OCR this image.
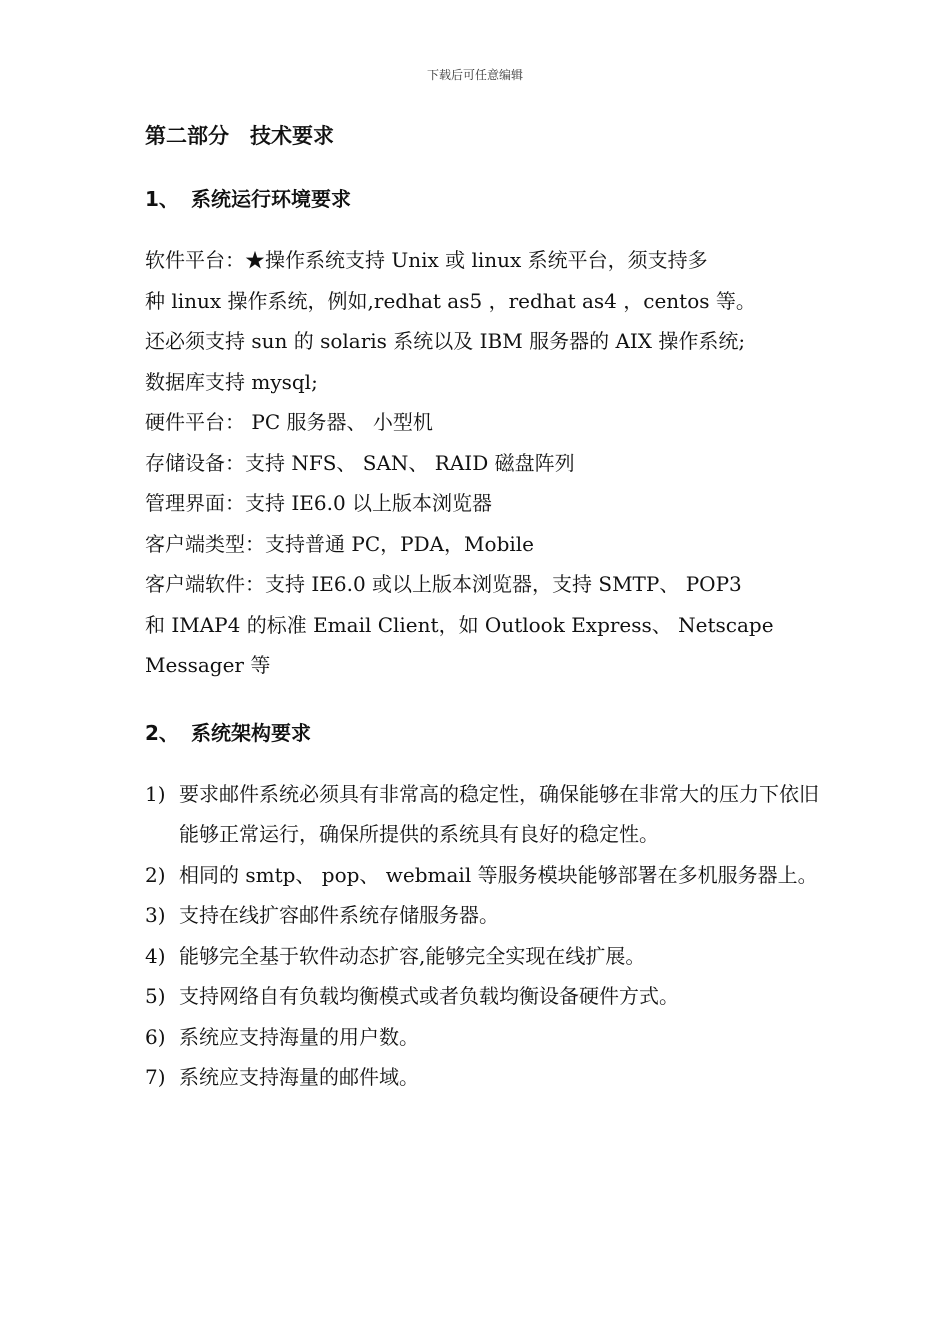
下载后可任意编辑
第二部分　技术要求
1、 系统运行环境要求

软件平台：★操作系统支持 Unix 或 linux 系统平台，须支持多

种 linux 操作系统，例如,redhat as5 ，redhat as4 ，centos 等。

还必须支持 sun 的 solaris 系统以及 IBM 服务器的 AIX 操作系统;

数据库支持 mysql;

硬件平台： PC 服务器、 小型机

存储设备：支持 NFS、 SAN、 RAID 磁盘阵列

管理界面：支持 IE6.0 以上版本浏览器

客户端类型：支持普通 PC，PDA，Mobile

客户端软件：支持 IE6.0 或以上版本浏览器，支持 SMTP、 POP3

和 IMAP4 的标准 Email Client，如 Outlook Express、 Netscape

Messager 等

2、 系统架构要求
1) 要求邮件系统必须具有非常高的稳定性，确保能够在非常大的压力下依旧能够正常运行，确保所提供的系统具有良好的稳定性。
2) 相同的 smtp、 pop、 webmail 等服务模块能够部署在多机服务器上。
3) 支持在线扩容邮件系统存储服务器。
4) 能够完全基于软件动态扩容,能够完全实现在线扩展。
5) 支持网络自有负载均衡模式或者负载均衡设备硬件方式。
6) 系统应支持海量的用户数。
7) 系统应支持海量的邮件域。
